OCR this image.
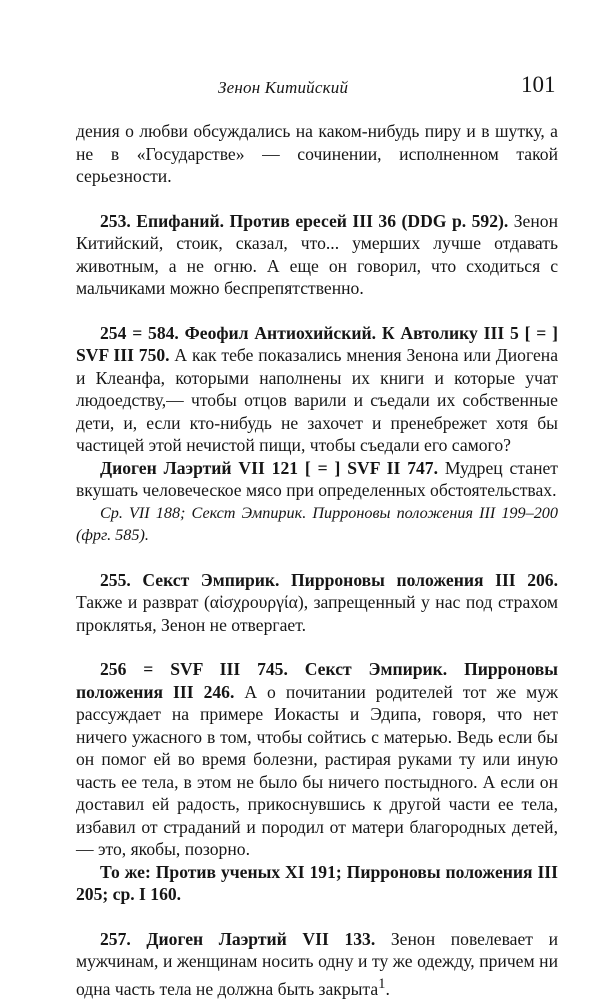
Зенон Китийский	101

дения о любви обсуждались на каком-нибудь пиру и в шутку, а не в «Государстве» — сочинении, исполненном такой серьезности.

253. Епифаний. Против ересей III 36 (DDG p. 592). Зенон Китийский, стоик, сказал, что... умерших лучше отдавать животным, а не огню. А еще он говорил, что сходиться с мальчиками можно беспрепятственно.

254 = 584. Феофил Антиохийский. К Автолику III 5 [ = ] SVF III 750. А как тебе показались мнения Зенона или Диогена и Клеанфа, которыми наполнены их книги и которые учат людоедству,— чтобы отцов варили и съедали их собственные дети, и, если кто-нибудь не захочет и пренебрежет хотя бы частицей этой нечистой пищи, чтобы съедали его самого?

Диоген Лаэртий VII 121 [ = ] SVF II 747. Мудрец станет вкушать человеческое мясо при определенных обстоятельствах.

Ср. VII 188; Секст Эмпирик. Пирроновы положения III 199–200 (фрг. 585).

255. Секст Эмпирик. Пирроновы положения III 206. Также и разврат (αἰσχρουργία), запрещенный у нас под страхом проклятья, Зенон не отвергает.

256 = SVF III 745. Секст Эмпирик. Пирроновы положения III 246. А о почитании родителей тот же муж рассуждает на примере Иокасты и Эдипа, говоря, что нет ничего ужасного в том, чтобы сойтись с матерью. Ведь если бы он помог ей во время болезни, растирая руками ту или иную часть ее тела, в этом не было бы ничего постыдного. А если он доставил ей радость, прикоснувшись к другой части ее тела, избавил от страданий и породил от матери благородных детей,— это, якобы, позорно.

То же: Против ученых XI 191; Пирроновы положения III 205; ср. I 160.

257. Диоген Лаэртий VII 133. Зенон повелевает и мужчинам, и женщинам носить одну и ту же одежду, причем ни одна часть тела не должна быть закрыта$^1$.
